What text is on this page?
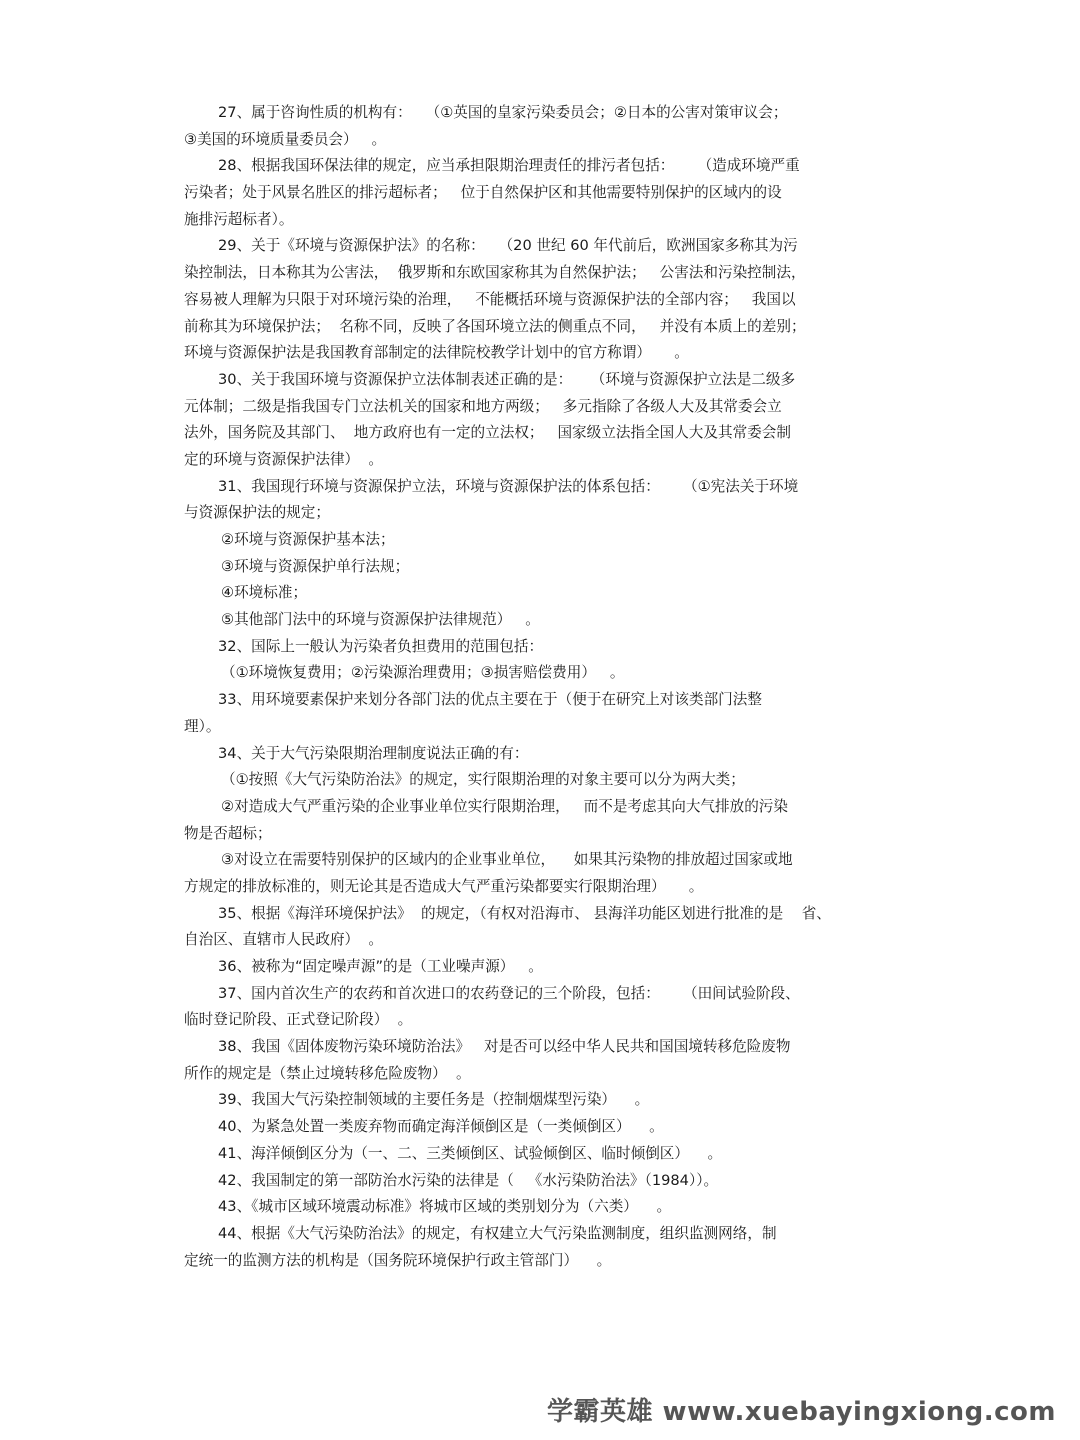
27、属于咨询性质的机构有：   （①英国的皇家污染委员会；②日本的公害对策审议会；
③美国的环境质量委员会）   。
28、根据我国环保法律的规定，应当承担限期治理责任的排污者包括：     （造成环境严重
污染者；处于风景名胜区的排污超标者；   位于自然保护区和其他需要特别保护的区域内的设
施排污超标者）。
29、关于《环境与资源保护法》的名称：   （20 世纪 60 年代前后，欧洲国家多称其为污
染控制法，日本称其为公害法，  俄罗斯和东欧国家称其为自然保护法；   公害法和污染控制法，
容易被人理解为只限于对环境污染的治理，   不能概括环境与资源保护法的全部内容；   我国以
前称其为环境保护法；  名称不同，反映了各国环境立法的侧重点不同，   并没有本质上的差别；
环境与资源保护法是我国教育部制定的法律院校教学计划中的官方称谓）     。
30、关于我国环境与资源保护立法体制表述正确的是：    （环境与资源保护立法是二级多
元体制；二级是指我国专门立法机关的国家和地方两级；   多元指除了各级人大及其常委会立
法外，国务院及其部门、  地方政府也有一定的立法权；   国家级立法指全国人大及其常委会制
定的环境与资源保护法律）  。
31、我国现行环境与资源保护立法，环境与资源保护法的体系包括：     （①宪法关于环境
与资源保护法的规定；
②环境与资源保护基本法；
③环境与资源保护单行法规；
④环境标准；
⑤其他部门法中的环境与资源保护法律规范）   。
32、国际上一般认为污染者负担费用的范围包括：
（①环境恢复费用；②污染源治理费用；③损害赔偿费用）   。
33、用环境要素保护来划分各部门法的优点主要在于（便于在研究上对该类部门法整
理）。
34、关于大气污染限期治理制度说法正确的有：
（①按照《大气污染防治法》的规定，实行限期治理的对象主要可以分为两大类；
②对造成大气严重污染的企业事业单位实行限期治理，   而不是考虑其向大气排放的污染
物是否超标；
③对设立在需要特别保护的区域内的企业事业单位，    如果其污染物的排放超过国家或地
方规定的排放标准的，则无论其是否造成大气严重污染都要实行限期治理）     。
35、根据《海洋环境保护法》  的规定，（有权对沿海市、 县海洋功能区划进行批准的是    省、
自治区、直辖市人民政府）  。
36、被称为“固定噪声源”的是（工业噪声源）   。
37、国内首次生产的农药和首次进口的农药登记的三个阶段，包括：     （田间试验阶段、
临时登记阶段、正式登记阶段）  。
38、我国《固体废物污染环境防治法》   对是否可以经中华人民共和国国境转移危险废物
所作的规定是（禁止过境转移危险废物）  。
39、我国大气污染控制领域的主要任务是（控制烟煤型污染）    。
40、为紧急处置一类废弃物而确定海洋倾倒区是（一类倾倒区）    。
41、海洋倾倒区分为（一、二、三类倾倒区、试验倾倒区、临时倾倒区）    。
42、我国制定的第一部防治水污染的法律是（   《水污染防治法》（1984））。
43、《城市区域环境震动标准》将城市区域的类别划分为（六类）    。
44、根据《大气污染防治法》的规定，有权建立大气污染监测制度，组织监测网络，制
定统一的监测方法的机构是（国务院环境保护行政主管部门）    。
学霸英雄 www.xuebayingxiong.com
